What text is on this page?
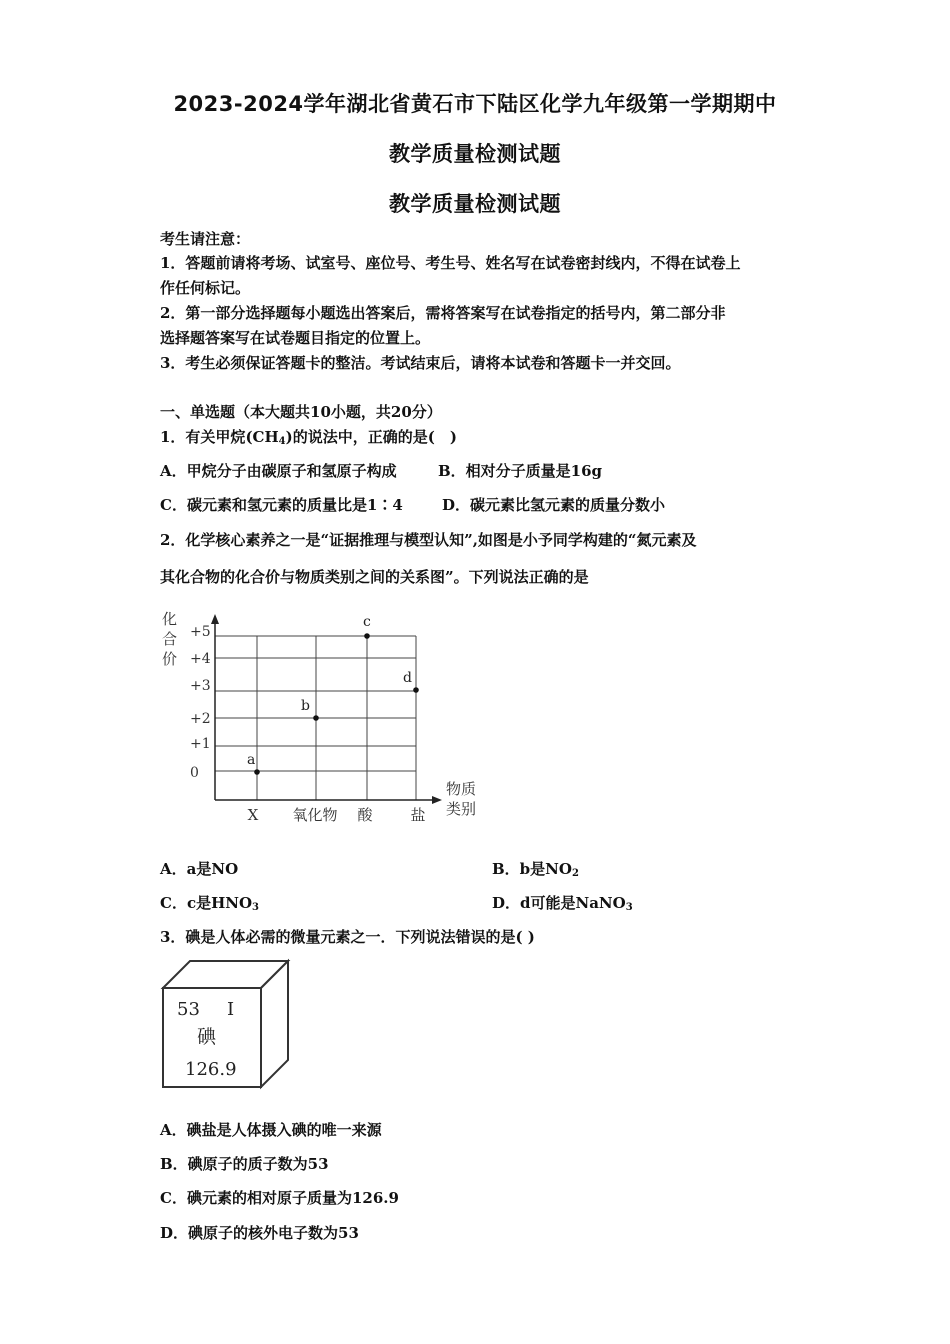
2023-2024学年湖北省黄石市下陆区化学九年级第一学期期中
教学质量检测试题
教学质量检测试题
考生请注意：
1．答题前请将考场、试室号、座位号、考生号、姓名写在试卷密封线内，不得在试卷上
作任何标记。
2．第一部分选择题每小题选出答案后，需将答案写在试卷指定的括号内，第二部分非
选择题答案写在试卷题目指定的位置上。
3．考生必须保证答题卡的整洁。考试结束后，请将本试卷和答题卡一并交回。
一、单选题（本大题共10小题，共20分）
1．有关甲烷$(CH_4)$的说法中，正确的是(　)
A．甲烷分子由碳原子和氢原子构成	B．相对分子质量是16g
C．碳元素和氢元素的质量比是1∶4	D．碳元素比氢元素的质量分数小
2．化学核心素养之一是“证据推理与模型认知”,如图是小予同学构建的“氮元素及
其化合物的化合价与物质类别之间的关系图”。下列说法正确的是
0
+1
+2
+3
+4
+5
X 氧化物 酸	盐
a
b
c
d
化
合
价
物质
类别
A．a是NO	B．b是$NO_2$
C．c是$HNO_3$	D．d可能是NaNO$_3$
3．碘是人体必需的微量元素之一．下列说法错误的是( )
53 I
碘
126.9
A．碘盐是人体摄入碘的唯一来源
B．碘原子的质子数为53
C．碘元素的相对原子质量为126.9
D．碘原子的核外电子数为53
